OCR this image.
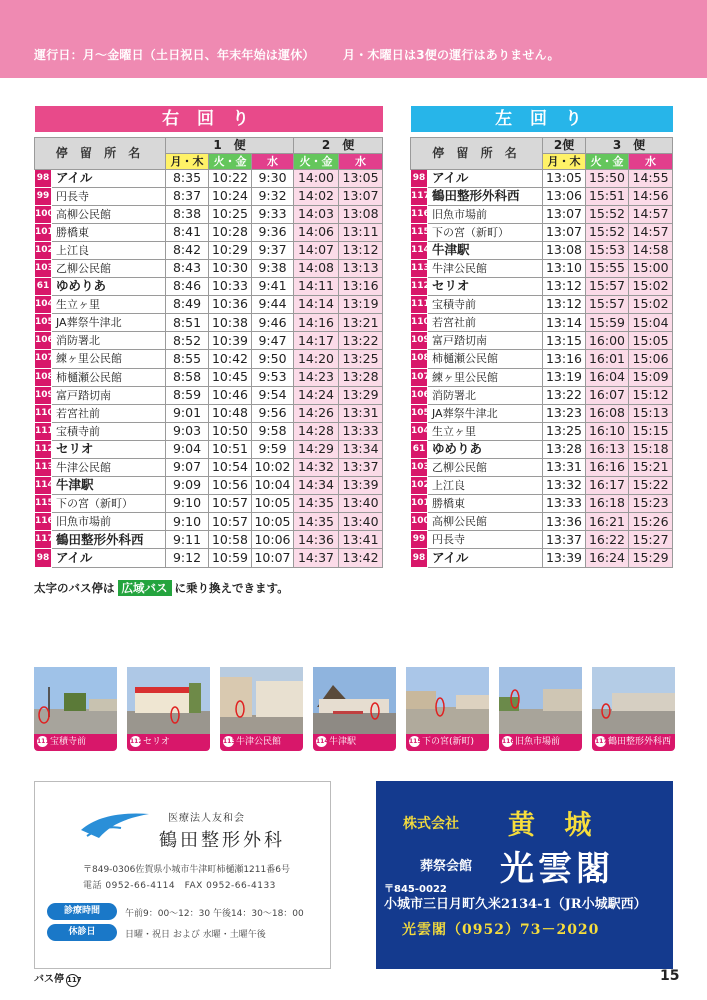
運行日：月～金曜日（土日祝日、年末年始は運休） 月・木曜日は3便の運行はありません。
右 回 り						

停 留 所 名		1　便			2　便	
		月・木	火・金	水	火・金	水
98	アイル	8:35	10:22	9:30	14:00	13:05
99	円長寺	8:37	10:24	9:32	14:02	13:07
100	高柳公民館	8:38	10:25	9:33	14:03	13:08
101	勝橋東	8:41	10:28	9:36	14:06	13:11
102	上江良	8:42	10:29	9:37	14:07	13:12
103	乙柳公民館	8:43	10:30	9:38	14:08	13:13
61	ゆめりあ	8:46	10:33	9:41	14:11	13:16
104	生立ヶ里	8:49	10:36	9:44	14:14	13:19
105	JA葬祭牛津北	8:51	10:38	9:46	14:16	13:21
106	消防署北	8:52	10:39	9:47	14:17	13:22
107	練ヶ里公民館	8:55	10:42	9:50	14:20	13:25
108	柿樋瀬公民館	8:58	10:45	9:53	14:23	13:28
109	富戸踏切南	8:59	10:46	9:54	14:24	13:29
110	若宮社前	9:01	10:48	9:56	14:26	13:31
111	宝積寺前	9:03	10:50	9:58	14:28	13:33
112	セリオ	9:04	10:51	9:59	14:29	13:34
113	牛津公民館	9:07	10:54	10:02	14:32	13:37
114	牛津駅	9:09	10:56	10:04	14:34	13:39
115	下の宮（新町）	9:10	10:57	10:05	14:35	13:40
116	旧魚市場前	9:10	10:57	10:05	14:35	13:40
117	鶴田整形外科西	9:11	10:58	10:06	14:36	13:41
98	アイル	9:12	10:59	10:07	14:37	13:42
左 回 り				

停 留 所 名		2便	3　便	
		月・木	火・金	水
98	アイル	13:05	15:50	14:55
117	鶴田整形外科西	13:06	15:51	14:56
116	旧魚市場前	13:07	15:52	14:57
115	下の宮（新町）	13:07	15:52	14:57
114	牛津駅	13:08	15:53	14:58
113	牛津公民館	13:10	15:55	15:00
112	セリオ	13:12	15:57	15:02
111	宝積寺前	13:12	15:57	15:02
110	若宮社前	13:14	15:59	15:04
109	富戸踏切南	13:15	16:00	15:05
108	柿樋瀬公民館	13:16	16:01	15:06
107	練ヶ里公民館	13:19	16:04	15:09
106	消防署北	13:22	16:07	15:12
105	JA葬祭牛津北	13:23	16:08	15:13
104	生立ヶ里	13:25	16:10	15:15
61	ゆめりあ	13:28	16:13	15:18
103	乙柳公民館	13:31	16:16	15:21
102	上江良	13:32	16:17	15:22
101	勝橋東	13:33	16:18	15:23
100	高柳公民館	13:36	16:21	15:26
99	円長寺	13:37	16:22	15:27
98	アイル	13:39	16:24	15:29
太字のバス停は 広域バス に乗り換えできます。
111宝積寺前	112セリオ	113牛津公民館	114牛津駅	115下の宮(新町)	116旧魚市場前	117鶴田整形外科西
医療法人友和会
鶴田整形外科
〒849-0306佐賀県小城市牛津町柿樋瀬1211番6号
電話 0952-66-4114　FAX 0952-66-4133
診療時間	午前9：00～12：30 午後14：30～18：00
休診日	日曜・祝日 および 水曜・土曜午後
株式会社 黄 城
葬祭会館 光雲閣
〒845-0022
小城市三日月町久米2134-1（JR小城駅西）
光雲閣（0952）73－2020
バス停 117	15
